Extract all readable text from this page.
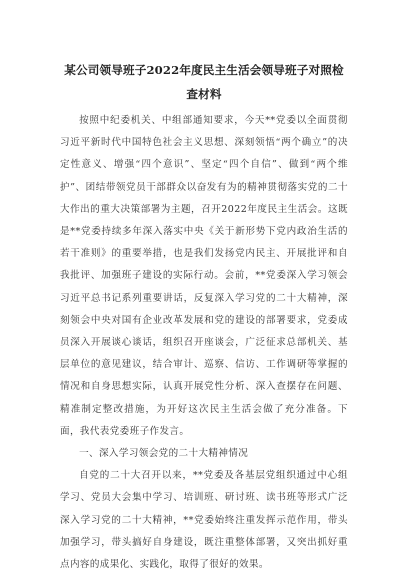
某公司领导班子2022年度民主生活会领导班子对照检
查材料

按照中纪委机关、中组部通知要求，今天**党委以全面贯彻习近平新时代中国特色社会主义思想、深刻领悟“两个确立”的决定性意义、增强“四个意识”、坚定“四个自信”、做到“两个维护”、团结带领党员干部群众以奋发有为的精神贯彻落实党的二十大作出的重大决策部署为主题，召开2022年度民主生活会。这既是**党委持续多年深入落实中央《关于新形势下党内政治生活的若干准则》的重要举措，也是我们发扬党内民主、开展批评和自我批评、加强班子建设的实际行动。会前，**党委深入学习领会习近平总书记系列重要讲话，反复深入学习党的二十大精神，深刻领会中央对国有企业改革发展和党的建设的部署要求，党委成员深入开展谈心谈话，组织召开座谈会，广泛征求总部机关、基层单位的意见建议，结合审计、巡察、信访、工作调研等掌握的情况和自身思想实际，认真开展党性分析、深入查摆存在问题、精准制定整改措施，为开好这次民主生活会做了充分准备。下面，我代表党委班子作发言。

一、深入学习领会党的二十大精神情况

自党的二十大召开以来，**党委及各基层党组织通过中心组学习、党员大会集中学习、培训班、研讨班、读书班等形式广泛深入学习党的二十大精神，**党委始终注重发挥示范作用，带头加强学习，带头搞好自身建设，既注重整体部署，又突出抓好重点内容的成果化、实践化，取得了很好的效果。
